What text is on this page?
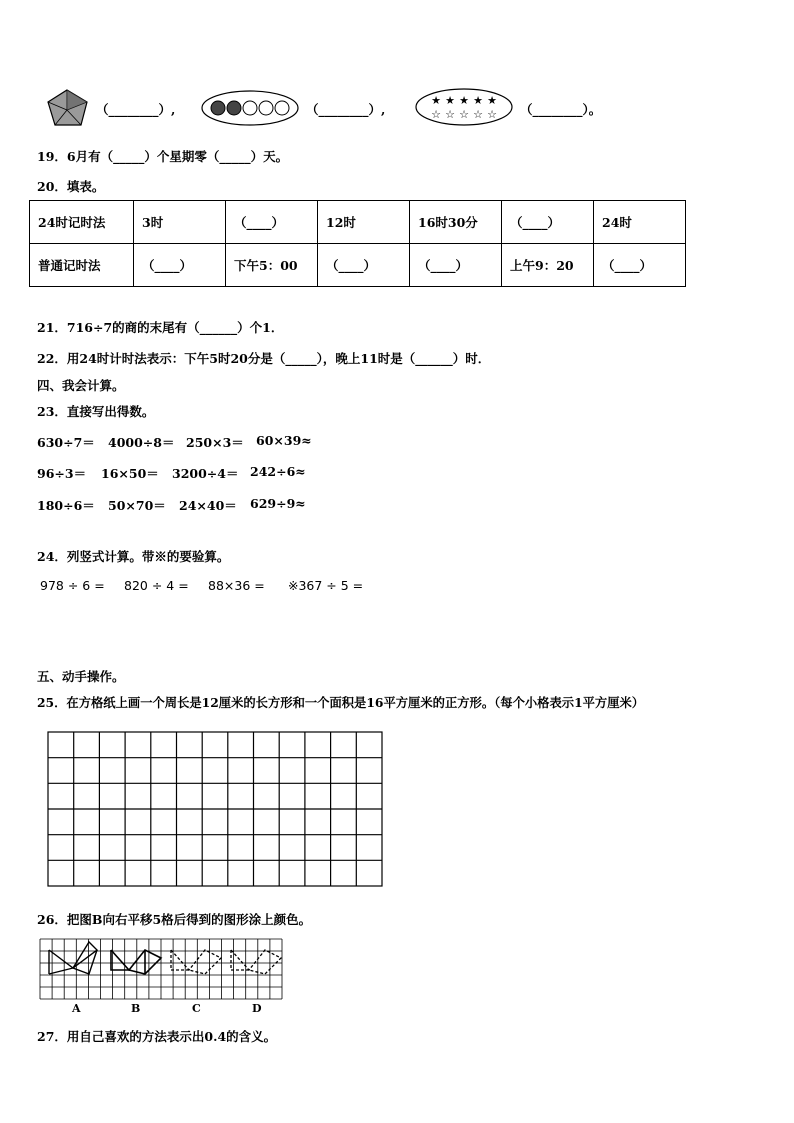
（________）,	（________）,
★ ★ ★ ★ ★
☆ ☆ ☆ ☆ ☆ （________）。
19．6月有（_____）个星期零（_____）天。
20．填表。
24时记时法	3时	（____）	12时	16时30分	（____）	24时
普通记时法	（____）	下午5：00	（____）	（____）	上午9：20	（____）
21．716÷7的商的末尾有（______）个1．
22．用24时计时法表示：下午5时20分是（_____），晚上11时是（______）时．
四、我会计算。
23．直接写出得数。
630÷7＝ 4000÷8＝ 250×3＝ 60×39≈
96÷3＝ 16×50＝ 3200÷4＝ 242÷6≈
180÷6＝ 50×70＝ 24×40＝ 629÷9≈
24．列竖式计算。带※的要验算。
978 ÷ 6 = 820 ÷ 4 = 88×36 = ※367 ÷ 5 =
五、动手操作。
25．在方格纸上画一个周长是12厘米的长方形和一个面积是16平方厘米的正方形。（每个小格表示1平方厘米）
26．把图B向右平移5格后得到的图形涂上颜色。
A	B	C	D
27．用自己喜欢的方法表示出0.4的含义。
